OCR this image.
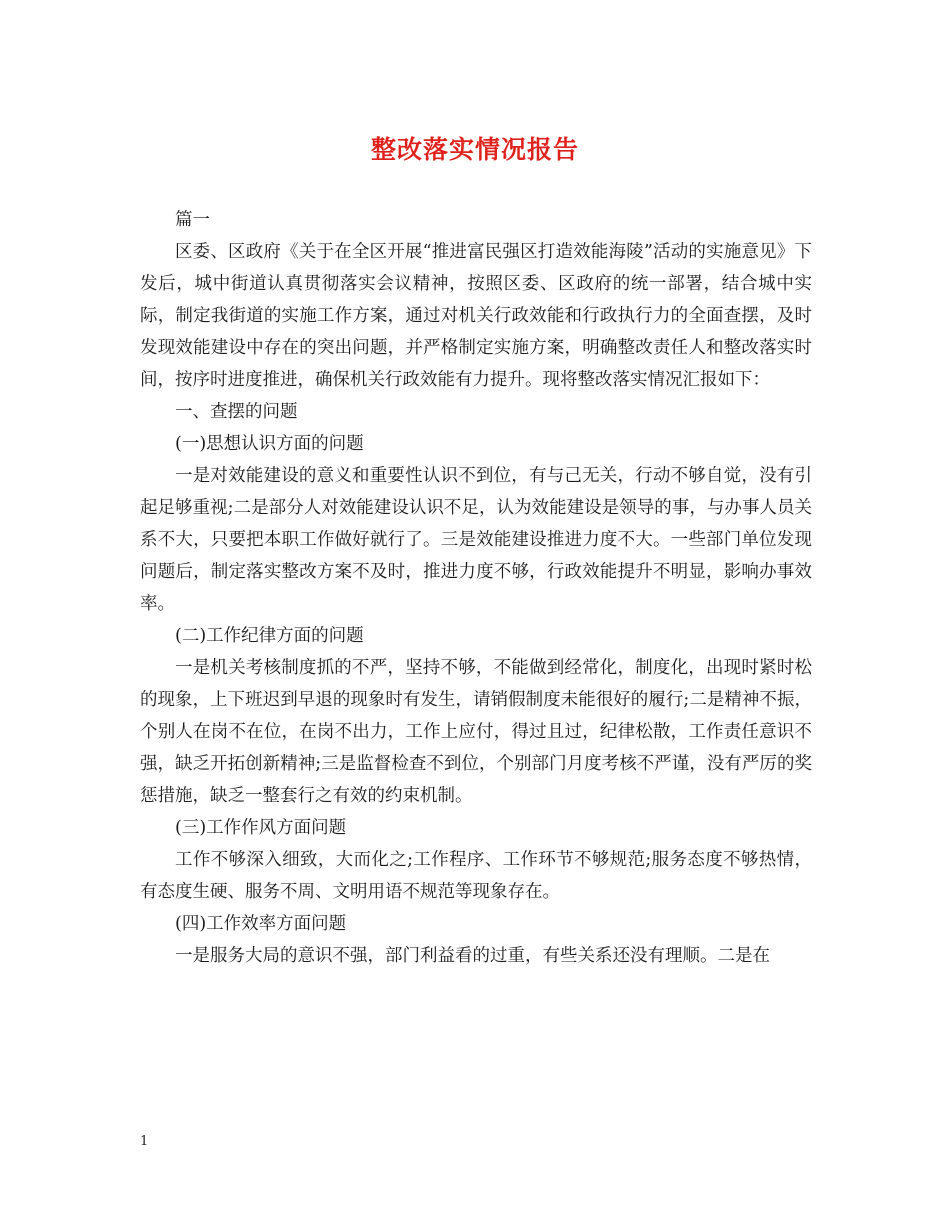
整改落实情况报告

篇一

区委、区政府《关于在全区开展“推进富民强区打造效能海陵”活动的实施意见》下发后，城中街道认真贯彻落实会议精神，按照区委、区政府的统一部署，结合城中实际，制定我街道的实施工作方案，通过对机关行政效能和行政执行力的全面查摆，及时发现效能建设中存在的突出问题，并严格制定实施方案，明确整改责任人和整改落实时间，按序时进度推进，确保机关行政效能有力提升。现将整改落实情况汇报如下：

一、查摆的问题

(一)思想认识方面的问题

一是对效能建设的意义和重要性认识不到位，有与己无关，行动不够自觉，没有引起足够重视;二是部分人对效能建设认识不足，认为效能建设是领导的事，与办事人员关系不大，只要把本职工作做好就行了。三是效能建设推进力度不大。一些部门单位发现问题后，制定落实整改方案不及时，推进力度不够，行政效能提升不明显，影响办事效率。

(二)工作纪律方面的问题

一是机关考核制度抓的不严，坚持不够，不能做到经常化，制度化，出现时紧时松的现象，上下班迟到早退的现象时有发生，请销假制度未能很好的履行;二是精神不振，个别人在岗不在位，在岗不出力，工作上应付，得过且过，纪律松散，工作责任意识不强，缺乏开拓创新精神;三是监督检查不到位，个别部门月度考核不严谨，没有严厉的奖惩措施，缺乏一整套行之有效的约束机制。

(三)工作作风方面问题

工作不够深入细致，大而化之;工作程序、工作环节不够规范;服务态度不够热情，有态度生硬、服务不周、文明用语不规范等现象存在。

(四)工作效率方面问题

一是服务大局的意识不强，部门利益看的过重，有些关系还没有理顺。二是在

1
